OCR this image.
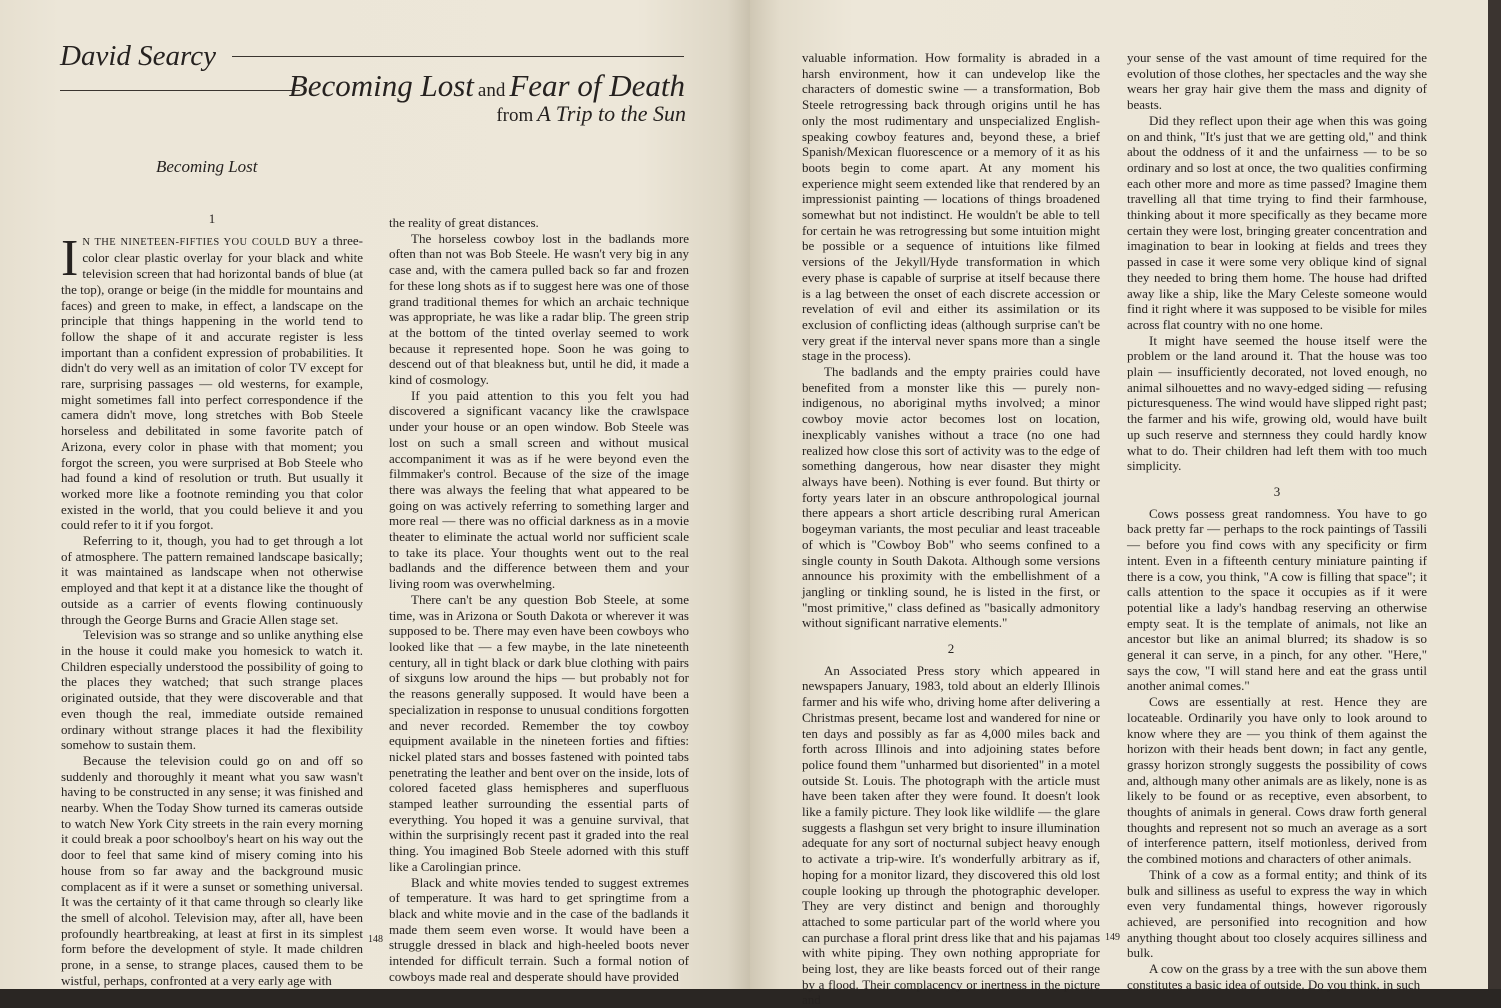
David Searcy
Becoming Lost and Fear of Death
from A Trip to the Sun
Becoming Lost
1

I N THE NINETEEN-FIFTIES YOU COULD BUY a three-color clear plastic overlay for your black and white television screen that had horizontal bands of blue (at the top), orange or beige (in the middle for mountains and faces) and green to make, in effect, a landscape on the principle that things happening in the world tend to follow the shape of it and accurate register is less important than a confident expression of probabilities. It didn't do very well as an imitation of color TV except for rare, surprising passages — old westerns, for example, might sometimes fall into perfect correspondence if the camera didn't move, long stretches with Bob Steele horseless and debilitated in some favorite patch of Arizona, every color in phase with that moment; you forgot the screen, you were surprised at Bob Steele who had found a kind of resolution or truth. But usually it worked more like a footnote reminding you that color existed in the world, that you could believe it and you could refer to it if you forgot.

Referring to it, though, you had to get through a lot of atmosphere. The pattern remained landscape basically; it was maintained as landscape when not otherwise employed and that kept it at a distance like the thought of outside as a carrier of events flowing continuously through the George Burns and Gracie Allen stage set.

Television was so strange and so unlike anything else in the house it could make you homesick to watch it. Children especially understood the possibility of going to the places they watched; that such strange places originated outside, that they were discoverable and that even though the real, immediate outside remained ordinary without strange places it had the flexibility somehow to sustain them.

Because the television could go on and off so suddenly and thoroughly it meant what you saw wasn't having to be constructed in any sense; it was finished and nearby. When the Today Show turned its cameras outside to watch New York City streets in the rain every morning it could break a poor schoolboy's heart on his way out the door to feel that same kind of misery coming into his house from so far away and the background music complacent as if it were a sunset or something universal. It was the certainty of it that came through so clearly like the smell of alcohol. Television may, after all, have been profoundly heartbreaking, at least at first in its simplest form before the development of style. It made children prone, in a sense, to strange places, caused them to be wistful, perhaps, confronted at a very early age with

the reality of great distances.

The horseless cowboy lost in the badlands more often than not was Bob Steele. He wasn't very big in any case and, with the camera pulled back so far and frozen for these long shots as if to suggest here was one of those grand traditional themes for which an archaic technique was appropriate, he was like a radar blip. The green strip at the bottom of the tinted overlay seemed to work because it represented hope. Soon he was going to descend out of that bleakness but, until he did, it made a kind of cosmology.

If you paid attention to this you felt you had discovered a significant vacancy like the crawlspace under your house or an open window. Bob Steele was lost on such a small screen and without musical accompaniment it was as if he were beyond even the filmmaker's control. Because of the size of the image there was always the feeling that what appeared to be going on was actively referring to something larger and more real — there was no official darkness as in a movie theater to eliminate the actual world nor sufficient scale to take its place. Your thoughts went out to the real badlands and the difference between them and your living room was overwhelming.

There can't be any question Bob Steele, at some time, was in Arizona or South Dakota or wherever it was supposed to be. There may even have been cowboys who looked like that — a few maybe, in the late nineteenth century, all in tight black or dark blue clothing with pairs of sixguns low around the hips — but probably not for the reasons generally supposed. It would have been a specialization in response to unusual conditions forgotten and never recorded. Remember the toy cowboy equipment available in the nineteen forties and fifties: nickel plated stars and bosses fastened with pointed tabs penetrating the leather and bent over on the inside, lots of colored faceted glass hemispheres and superfluous stamped leather surrounding the essential parts of everything. You hoped it was a genuine survival, that within the surprisingly recent past it graded into the real thing. You imagined Bob Steele adorned with this stuff like a Carolingian prince.

Black and white movies tended to suggest extremes of temperature. It was hard to get springtime from a black and white movie and in the case of the badlands it made them seem even worse. It would have been a struggle dressed in black and high-heeled boots never intended for difficult terrain. Such a formal notion of cowboys made real and desperate should have provided

148

valuable information. How formality is abraded in a harsh environment, how it can undevelop like the characters of domestic swine — a transformation, Bob Steele retrogressing back through origins until he has only the most rudimentary and unspecialized English-speaking cowboy features and, beyond these, a brief Spanish/Mexican fluorescence or a memory of it as his boots begin to come apart. At any moment his experience might seem extended like that rendered by an impressionist painting — locations of things broadened somewhat but not indistinct. He wouldn't be able to tell for certain he was retrogressing but some intuition might be possible or a sequence of intuitions like filmed versions of the Jekyll/Hyde transformation in which every phase is capable of surprise at itself because there is a lag between the onset of each discrete accession or revelation of evil and either its assimilation or its exclusion of conflicting ideas (although surprise can't be very great if the interval never spans more than a single stage in the process).

The badlands and the empty prairies could have benefited from a monster like this — purely non-indigenous, no aboriginal myths involved; a minor cowboy movie actor becomes lost on location, inexplicably vanishes without a trace (no one had realized how close this sort of activity was to the edge of something dangerous, how near disaster they might always have been). Nothing is ever found. But thirty or forty years later in an obscure anthropological journal there appears a short article describing rural American bogeyman variants, the most peculiar and least traceable of which is "Cowboy Bob" who seems confined to a single county in South Dakota. Although some versions announce his proximity with the embellishment of a jangling or tinkling sound, he is listed in the first, or "most primitive," class defined as "basically admonitory without significant narrative elements."

2

An Associated Press story which appeared in newspapers January, 1983, told about an elderly Illinois farmer and his wife who, driving home after delivering a Christmas present, became lost and wandered for nine or ten days and possibly as far as 4,000 miles back and forth across Illinois and into adjoining states before police found them "unharmed but disoriented" in a motel outside St. Louis. The photograph with the article must have been taken after they were found. It doesn't look like a family picture. They look like wildlife — the glare suggests a flashgun set very bright to insure illumination adequate for any sort of nocturnal subject heavy enough to activate a trip-wire. It's wonderfully arbitrary as if, hoping for a monitor lizard, they discovered this old lost couple looking up through the photographic developer. They are very distinct and benign and thoroughly attached to some particular part of the world where you can purchase a floral print dress like that and his pajamas with white piping. They own nothing appropriate for being lost, they are like beasts forced out of their range by a flood. Their complacency or inertness in the picture and

your sense of the vast amount of time required for the evolution of those clothes, her spectacles and the way she wears her gray hair give them the mass and dignity of beasts.

Did they reflect upon their age when this was going on and think, "It's just that we are getting old," and think about the oddness of it and the unfairness — to be so ordinary and so lost at once, the two qualities confirming each other more and more as time passed? Imagine them travelling all that time trying to find their farmhouse, thinking about it more specifically as they became more certain they were lost, bringing greater concentration and imagination to bear in looking at fields and trees they passed in case it were some very oblique kind of signal they needed to bring them home. The house had drifted away like a ship, like the Mary Celeste someone would find it right where it was supposed to be visible for miles across flat country with no one home.

It might have seemed the house itself were the problem or the land around it. That the house was too plain — insufficiently decorated, not loved enough, no animal silhouettes and no wavy-edged siding — refusing picturesqueness. The wind would have slipped right past; the farmer and his wife, growing old, would have built up such reserve and sternness they could hardly know what to do. Their children had left them with too much simplicity.

3

Cows possess great randomness. You have to go back pretty far — perhaps to the rock paintings of Tassili — before you find cows with any specificity or firm intent. Even in a fifteenth century miniature painting if there is a cow, you think, "A cow is filling that space"; it calls attention to the space it occupies as if it were potential like a lady's handbag reserving an otherwise empty seat. It is the template of animals, not like an ancestor but like an animal blurred; its shadow is so general it can serve, in a pinch, for any other. "Here," says the cow, "I will stand here and eat the grass until another animal comes."

Cows are essentially at rest. Hence they are locateable. Ordinarily you have only to look around to know where they are — you think of them against the horizon with their heads bent down; in fact any gentle, grassy horizon strongly suggests the possibility of cows and, although many other animals are as likely, none is as likely to be found or as receptive, even absorbent, to thoughts of animals in general. Cows draw forth general thoughts and represent not so much an average as a sort of interference pattern, itself motionless, derived from the combined motions and characters of other animals.

Think of a cow as a formal entity; and think of its bulk and silliness as useful to express the way in which even very fundamental things, however rigorously achieved, are personified into recognition and how anything thought about too closely acquires silliness and bulk.

A cow on the grass by a tree with the sun above them constitutes a basic idea of outside. Do you think, in such

149
